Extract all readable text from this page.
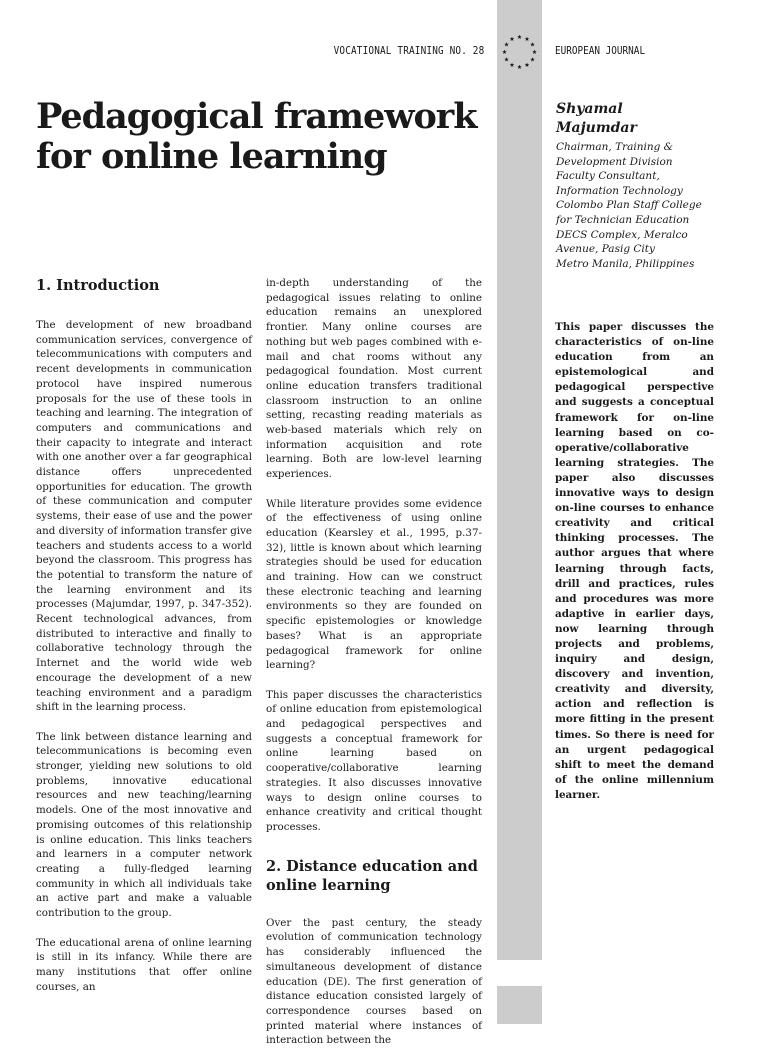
VOCATIONAL TRAINING NO. 28	EUROPEAN JOURNAL
Pedagogical framework for online learning
Shyamal Majumdar
Chairman, Training &
Development Division
Faculty Consultant,
Information Technology
Colombo Plan Staff College
for Technician Education
DECS Complex, Meralco
Avenue, Pasig City
Metro Manila, Philippines
This paper discusses the characteristics of on-line education from an epistemological and pedagogical perspective and suggests a conceptual framework for on-line learning based on co-operative/collaborative learning strategies. The paper also discusses innovative ways to design on-line courses to enhance creativity and critical thinking processes. The author argues that where learning through facts, drill and practices, rules and procedures was more adaptive in earlier days, now learning through projects and problems, inquiry and design, discovery and invention, creativity and diversity, action and reflection is more fitting in the present times. So there is need for an urgent pedagogical shift to meet the demand of the online millennium learner.
1. Introduction

The development of new broadband communication services, convergence of telecommunications with computers and recent developments in communication protocol have inspired numerous proposals for the use of these tools in teaching and learning. The integration of computers and communications and their capacity to integrate and interact with one another over a far geographical distance offers unprecedented opportunities for education. The growth of these communication and computer systems, their ease of use and the power and diversity of information transfer give teachers and students access to a world beyond the classroom. This progress has the potential to transform the nature of the learning environment and its processes (Majumdar, 1997, p. 347-352). Recent technological advances, from distributed to interactive and finally to collaborative technology through the Internet and the world wide web encourage the development of a new teaching environment and a paradigm shift in the learning process.

The link between distance learning and telecommunications is becoming even stronger, yielding new solutions to old problems, innovative educational resources and new teaching/learning models. One of the most innovative and promising outcomes of this relationship is online education. This links teachers and learners in a computer network creating a fully-fledged learning community in which all individuals take an active part and make a valuable contribution to the group.

The educational arena of online learning is still in its infancy. While there are many institutions that offer online courses, an

in-depth understanding of the pedagogical issues relating to online education remains an unexplored frontier. Many online courses are nothing but web pages combined with e-mail and chat rooms without any pedagogical foundation. Most current online education transfers traditional classroom instruction to an online setting, recasting reading materials as web-based materials which rely on information acquisition and rote learning. Both are low-level learning experiences.

While literature provides some evidence of the effectiveness of using online education (Kearsley et al., 1995, p.37-32), little is known about which learning strategies should be used for education and training. How can we construct these electronic teaching and learning environments so they are founded on specific epistemologies or knowledge bases? What is an appropriate pedagogical framework for online learning?

This paper discusses the characteristics of online education from epistemological and pedagogical perspectives and suggests a conceptual framework for online learning based on cooperative/collaborative learning strategies. It also discusses innovative ways to design online courses to enhance creativity and critical thought processes.

2. Distance education and online learning

Over the past century, the steady evolution of communication technology has considerably influenced the simultaneous development of distance education (DE). The first generation of distance education consisted largely of correspondence courses based on printed material where instances of interaction between the
